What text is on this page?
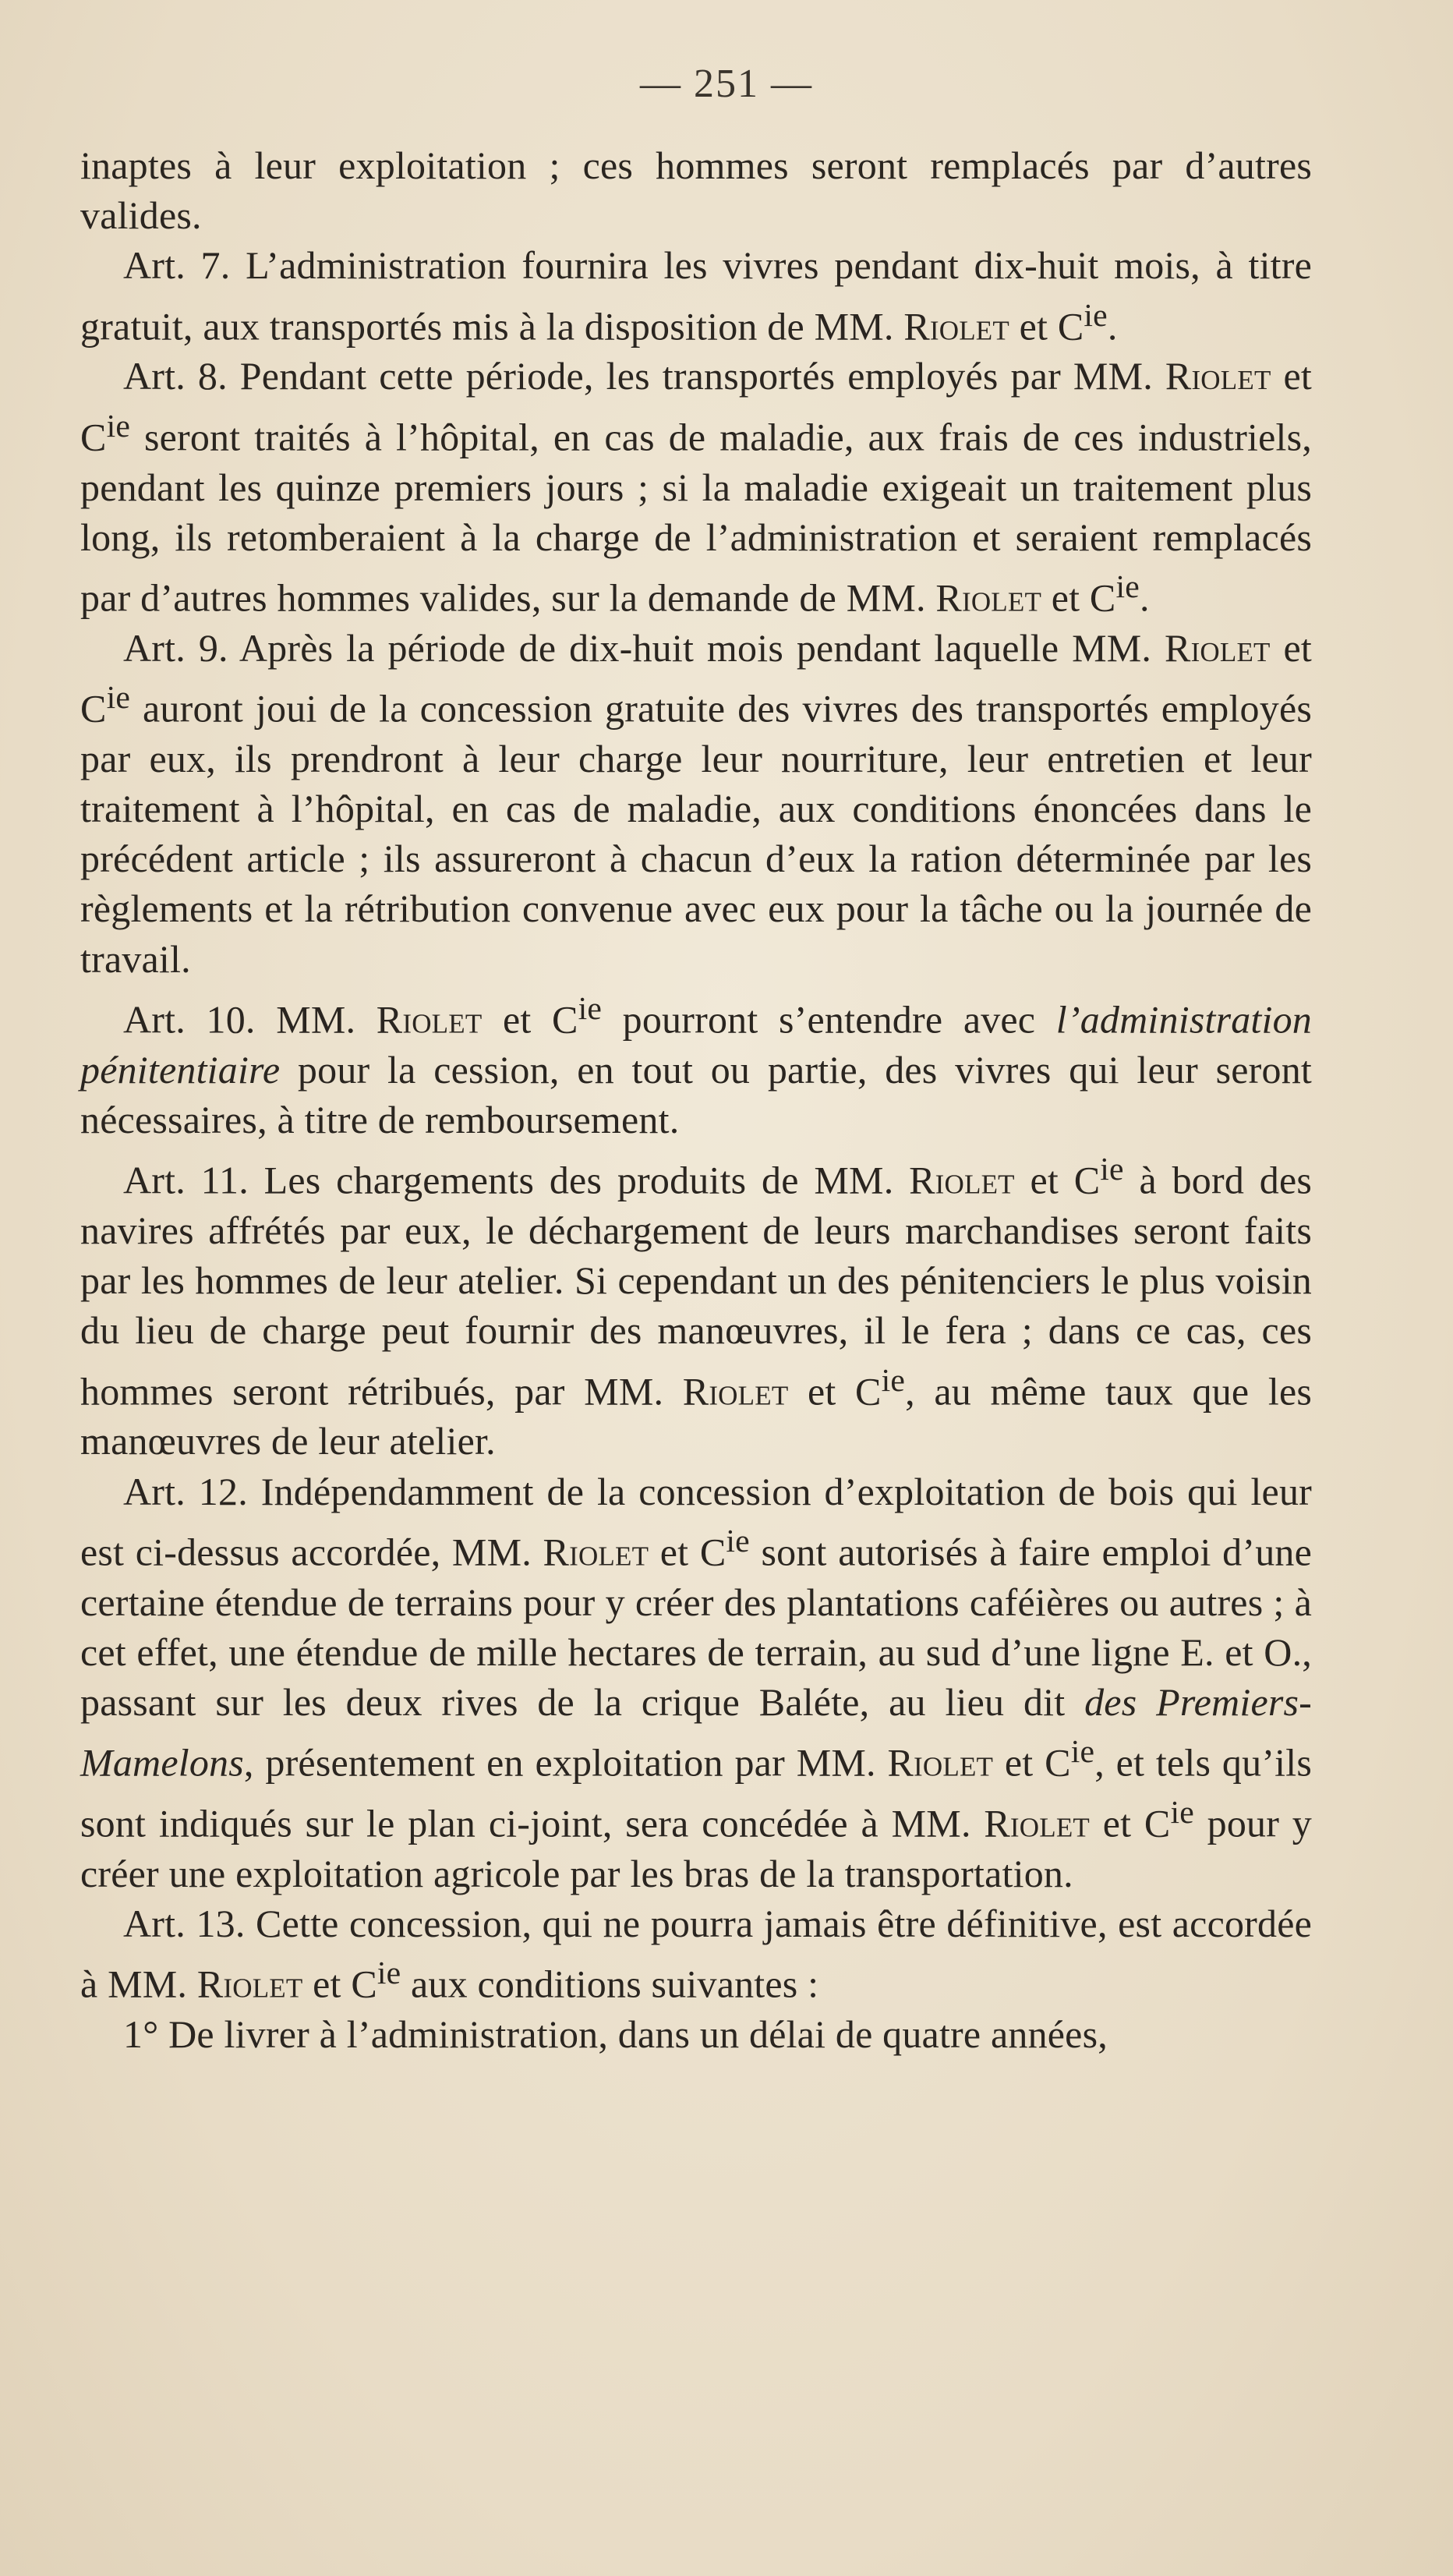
— 251 —

inaptes à leur exploitation ; ces hommes seront remplacés par d’autres valides.

Art. 7. L’administration fournira les vivres pendant dix-huit mois, à titre gratuit, aux transportés mis à la disposition de MM. Riolet et $C^{ie}$.

Art. 8. Pendant cette période, les transportés employés par MM. Riolet et $C^{ie}$ seront traités à l’hôpital, en cas de maladie, aux frais de ces industriels, pendant les quinze premiers jours ; si la maladie exigeait un traitement plus long, ils retomberaient à la charge de l’administration et seraient remplacés par d’autres hommes valides, sur la demande de MM. Riolet et $C^{ie}$.

Art. 9. Après la période de dix-huit mois pendant laquelle MM. Riolet et $C^{ie}$ auront joui de la concession gratuite des vivres des transportés employés par eux, ils prendront à leur charge leur nourriture, leur entretien et leur traitement à l’hôpital, en cas de maladie, aux conditions énoncées dans le précédent article ; ils assureront à chacun d’eux la ration déterminée par les règlements et la rétribution convenue avec eux pour la tâche ou la journée de travail.

Art. 10. MM. Riolet et $C^{ie}$ pourront s’entendre avec l’administration pénitentiaire pour la cession, en tout ou partie, des vivres qui leur seront nécessaires, à titre de remboursement.

Art. 11. Les chargements des produits de MM. Riolet et $C^{ie}$ à bord des navires affrétés par eux, le déchargement de leurs marchandises seront faits par les hommes de leur atelier. Si cependant un des pénitenciers le plus voisin du lieu de charge peut fournir des manœuvres, il le fera ; dans ce cas, ces hommes seront rétribués, par MM. Riolet et $C^{ie}$, au même taux que les manœuvres de leur atelier.

Art. 12. Indépendamment de la concession d’exploitation de bois qui leur est ci-dessus accordée, MM. Riolet et $C^{ie}$ sont autorisés à faire emploi d’une certaine étendue de terrains pour y créer des plantations caféières ou autres ; à cet effet, une étendue de mille hectares de terrain, au sud d’une ligne E. et O., passant sur les deux rives de la crique Baléte, au lieu dit des Premiers-Mamelons, présentement en exploitation par MM. Riolet et $C^{ie}$, et tels qu’ils sont indiqués sur le plan ci-joint, sera concédée à MM. Riolet et $C^{ie}$ pour y créer une exploitation agricole par les bras de la transportation.

Art. 13. Cette concession, qui ne pourra jamais être définitive, est accordée à MM. Riolet et $C^{ie}$ aux conditions suivantes :

1° De livrer à l’administration, dans un délai de quatre années,
